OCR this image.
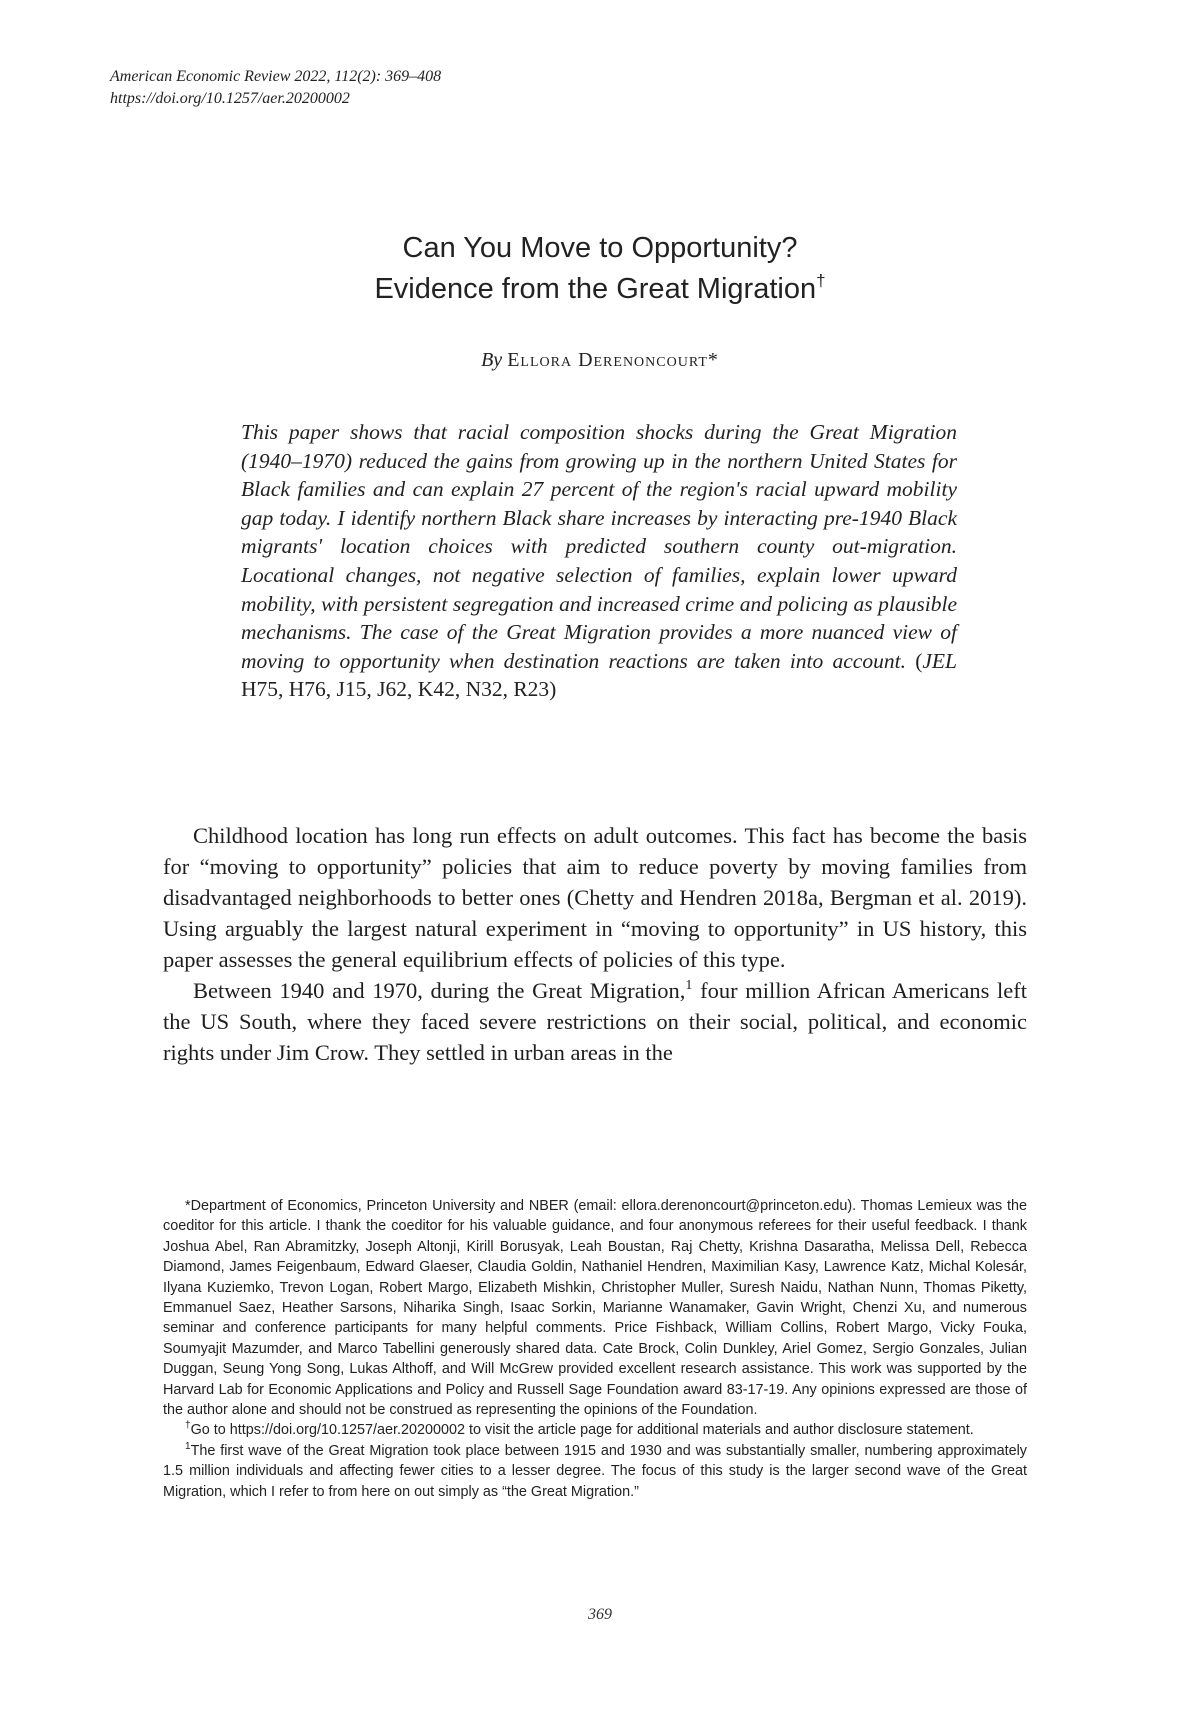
American Economic Review 2022, 112(2): 369–408
https://doi.org/10.1257/aer.20200002
Can You Move to Opportunity?
Evidence from the Great Migration†
By Ellora Derenoncourt*
This paper shows that racial composition shocks during the Great Migration (1940–1970) reduced the gains from growing up in the northern United States for Black families and can explain 27 percent of the region's racial upward mobility gap today. I identify northern Black share increases by interacting pre-1940 Black migrants' location choices with predicted southern county out-migration. Locational changes, not negative selection of families, explain lower upward mobility, with persistent segregation and increased crime and policing as plausible mechanisms. The case of the Great Migration provides a more nuanced view of moving to opportunity when destination reactions are taken into account. (JEL H75, H76, J15, J62, K42, N32, R23)

Childhood location has long run effects on adult outcomes. This fact has become the basis for “moving to opportunity” policies that aim to reduce poverty by moving families from disadvantaged neighborhoods to better ones (Chetty and Hendren 2018a, Bergman et al. 2019). Using arguably the largest natural experiment in “moving to opportunity” in US history, this paper assesses the general equilibrium effects of policies of this type.

Between 1940 and 1970, during the Great Migration,$^1$ four million African Americans left the US South, where they faced severe restrictions on their social, political, and economic rights under Jim Crow. They settled in urban areas in the

*Department of Economics, Princeton University and NBER (email: ellora.derenoncourt@princeton.edu). Thomas Lemieux was the coeditor for this article. I thank the coeditor for his valuable guidance, and four anonymous referees for their useful feedback. I thank Joshua Abel, Ran Abramitzky, Joseph Altonji, Kirill Borusyak, Leah Boustan, Raj Chetty, Krishna Dasaratha, Melissa Dell, Rebecca Diamond, James Feigenbaum, Edward Glaeser, Claudia Goldin, Nathaniel Hendren, Maximilian Kasy, Lawrence Katz, Michal Kolesár, Ilyana Kuziemko, Trevon Logan, Robert Margo, Elizabeth Mishkin, Christopher Muller, Suresh Naidu, Nathan Nunn, Thomas Piketty, Emmanuel Saez, Heather Sarsons, Niharika Singh, Isaac Sorkin, Marianne Wanamaker, Gavin Wright, Chenzi Xu, and numerous seminar and conference participants for many helpful comments. Price Fishback, William Collins, Robert Margo, Vicky Fouka, Soumyajit Mazumder, and Marco Tabellini generously shared data. Cate Brock, Colin Dunkley, Ariel Gomez, Sergio Gonzales, Julian Duggan, Seung Yong Song, Lukas Althoff, and Will McGrew provided excellent research assistance. This work was supported by the Harvard Lab for Economic Applications and Policy and Russell Sage Foundation award 83-17-19. Any opinions expressed are those of the author alone and should not be construed as representing the opinions of the Foundation.

†Go to https://doi.org/10.1257/aer.20200002 to visit the article page for additional materials and author disclosure statement.

$^1$The first wave of the Great Migration took place between 1915 and 1930 and was substantially smaller, numbering approximately 1.5 million individuals and affecting fewer cities to a lesser degree. The focus of this study is the larger second wave of the Great Migration, which I refer to from here on out simply as “the Great Migration.”

369
